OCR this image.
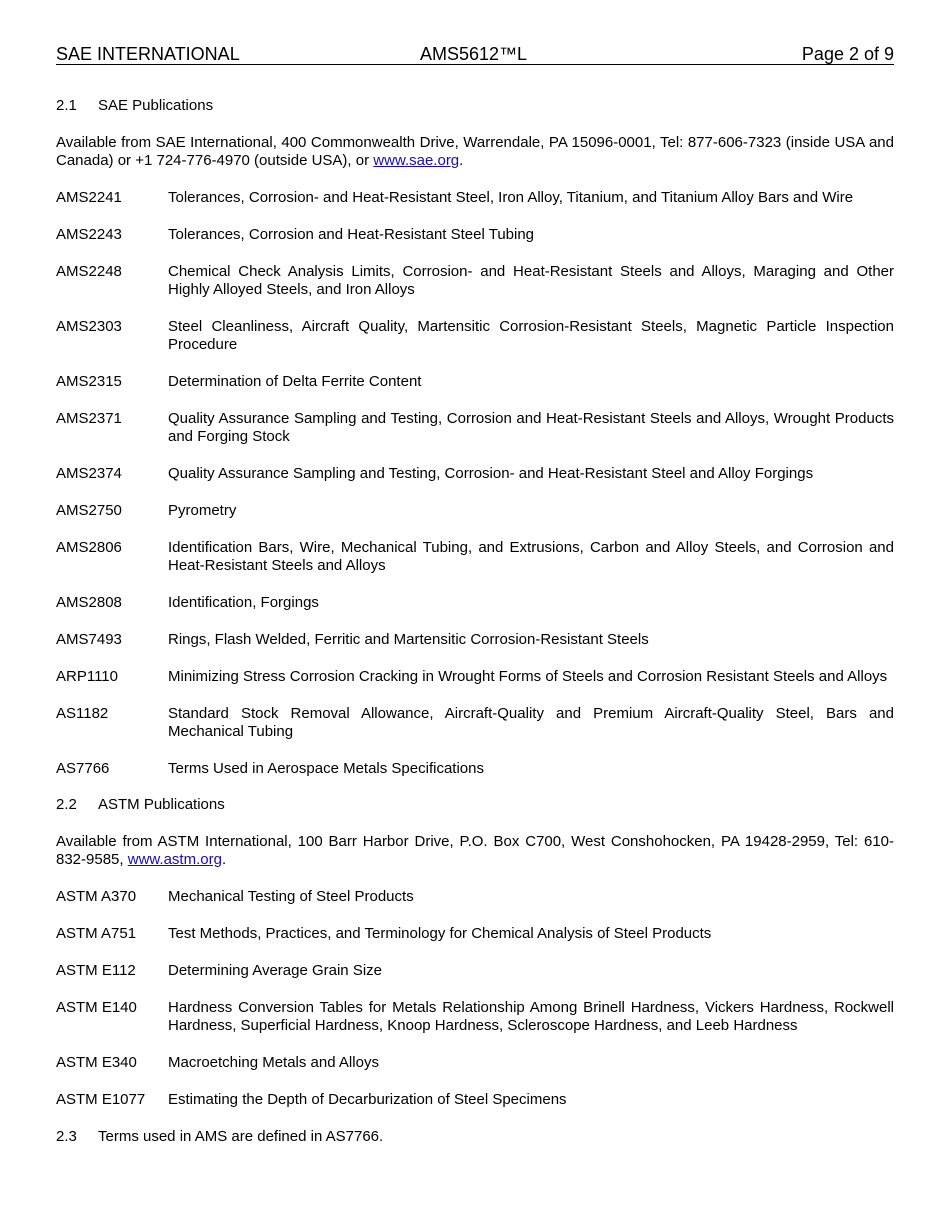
SAE INTERNATIONAL	AMS5612™L	Page 2 of 9
2.1 SAE Publications
Available from SAE International, 400 Commonwealth Drive, Warrendale, PA 15096-0001, Tel: 877-606-7323 (inside USA and Canada) or +1 724-776-4970 (outside USA), or www.sae.org.
AMS2241	Tolerances, Corrosion- and Heat-Resistant Steel, Iron Alloy, Titanium, and Titanium Alloy Bars and Wire
AMS2243	Tolerances, Corrosion and Heat-Resistant Steel Tubing
AMS2248	Chemical Check Analysis Limits, Corrosion- and Heat-Resistant Steels and Alloys, Maraging and Other Highly Alloyed Steels, and Iron Alloys
AMS2303	Steel Cleanliness, Aircraft Quality, Martensitic Corrosion-Resistant Steels, Magnetic Particle Inspection Procedure
AMS2315	Determination of Delta Ferrite Content
AMS2371	Quality Assurance Sampling and Testing, Corrosion and Heat-Resistant Steels and Alloys, Wrought Products and Forging Stock
AMS2374	Quality Assurance Sampling and Testing, Corrosion- and Heat-Resistant Steel and Alloy Forgings
AMS2750	Pyrometry
AMS2806	Identification Bars, Wire, Mechanical Tubing, and Extrusions, Carbon and Alloy Steels, and Corrosion and Heat-Resistant Steels and Alloys
AMS2808	Identification, Forgings
AMS7493	Rings, Flash Welded, Ferritic and Martensitic Corrosion-Resistant Steels
ARP1110	Minimizing Stress Corrosion Cracking in Wrought Forms of Steels and Corrosion Resistant Steels and Alloys
AS1182	Standard Stock Removal Allowance, Aircraft-Quality and Premium Aircraft-Quality Steel, Bars and Mechanical Tubing
AS7766	Terms Used in Aerospace Metals Specifications
2.2 ASTM Publications
Available from ASTM International, 100 Barr Harbor Drive, P.O. Box C700, West Conshohocken, PA 19428-2959, Tel: 610-832-9585, www.astm.org.
ASTM A370	Mechanical Testing of Steel Products
ASTM A751	Test Methods, Practices, and Terminology for Chemical Analysis of Steel Products
ASTM E112	Determining Average Grain Size
ASTM E140	Hardness Conversion Tables for Metals Relationship Among Brinell Hardness, Vickers Hardness, Rockwell Hardness, Superficial Hardness, Knoop Hardness, Scleroscope Hardness, and Leeb Hardness
ASTM E340	Macroetching Metals and Alloys
ASTM E1077	Estimating the Depth of Decarburization of Steel Specimens
2.3 Terms used in AMS are defined in AS7766.
